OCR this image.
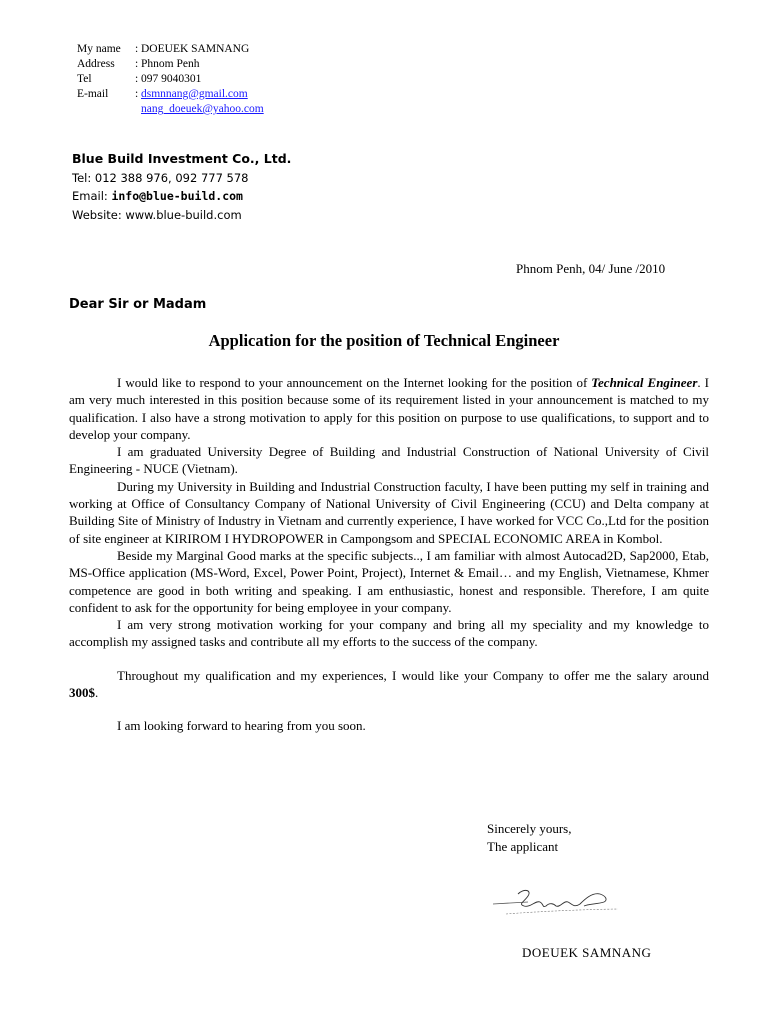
My name	: DOEUEK SAMNANG
Address	: Phnom Penh
Tel	: 097 9040301
E-mail	: dsmnnang@gmail.com
nang_doeuek@yahoo.com
Blue Build Investment Co., Ltd.
Tel: 012 388 976, 092 777 578
Email: info@blue-build.com
Website: www.blue-build.com
Phnom Penh, 04/ June /2010
Dear Sir or Madam
Application for the position of Technical Engineer

I would like to respond to your announcement on the Internet looking for the position of Technical Engineer. I am very much interested in this position because some of its requirement listed in your announcement is matched to my qualification. I also have a strong motivation to apply for this position on purpose to use qualifications, to support and to develop your company.

I am graduated University Degree of Building and Industrial Construction of National University of Civil Engineering - NUCE (Vietnam).

During my University in Building and Industrial Construction faculty, I have been putting my self in training and working at Office of Consultancy Company of National University of Civil Engineering (CCU) and Delta company at Building Site of Ministry of Industry in Vietnam and currently experience, I have worked for VCC Co.,Ltd for the position of site engineer at KIRIROM I HYDROPOWER in Campongsom and SPECIAL ECONOMIC AREA in Kombol.

Beside my Marginal Good marks at the specific subjects.., I am familiar with almost Autocad2D, Sap2000, Etab, MS-Office application (MS-Word, Excel, Power Point, Project), Internet & Email… and my English, Vietnamese, Khmer competence are good in both writing and speaking. I am enthusiastic, honest and responsible. Therefore, I am quite confident to ask for the opportunity for being employee in your company.

I am very strong motivation working for your company and bring all my speciality and my knowledge to accomplish my assigned tasks and contribute all my efforts to the success of the company.

Throughout my qualification and my experiences, I would like your Company to offer me the salary around 300$.

I am looking forward to hearing from you soon.

Sincerely yours,
The applicant
DOEUEK SAMNANG
